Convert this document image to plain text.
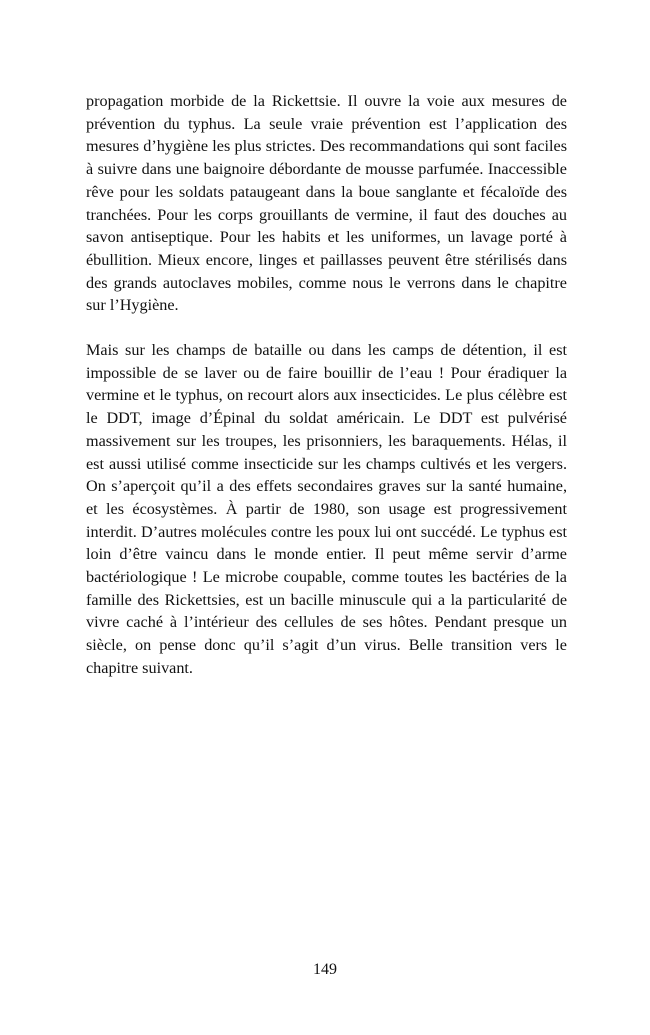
propagation morbide de la Rickettsie. Il ouvre la voie aux mesures de prévention du typhus. La seule vraie prévention est l’application des mesures d’hygiène les plus strictes. Des recommandations qui sont faciles à suivre dans une baignoire débordante de mousse parfumée. Inaccessible rêve pour les soldats pataugeant dans la boue sanglante et fécaloïde des tranchées. Pour les corps grouillants de vermine, il faut des douches au savon antiseptique. Pour les habits et les uniformes, un lavage porté à ébullition. Mieux encore, linges et paillasses peuvent être stérilisés dans des grands autoclaves mobiles, comme nous le verrons dans le chapitre sur l’Hygiène.

Mais sur les champs de bataille ou dans les camps de détention, il est impossible de se laver ou de faire bouillir de l’eau ! Pour éradiquer la vermine et le typhus, on recourt alors aux insecticides. Le plus célèbre est le DDT, image d’Épinal du soldat américain. Le DDT est pulvérisé massivement sur les troupes, les prisonniers, les baraquements. Hélas, il est aussi utilisé comme insecticide sur les champs cultivés et les vergers. On s’aperçoit qu’il a des effets secondaires graves sur la santé humaine, et les écosystèmes. À partir de 1980, son usage est progressivement interdit. D’autres molécules contre les poux lui ont succédé. Le typhus est loin d’être vaincu dans le monde entier. Il peut même servir d’arme bactériologique ! Le microbe coupable, comme toutes les bactéries de la famille des Rickettsies, est un bacille minuscule qui a la particularité de vivre caché à l’intérieur des cellules de ses hôtes. Pendant presque un siècle, on pense donc qu’il s’agit d’un virus. Belle transition vers le chapitre suivant.

149
